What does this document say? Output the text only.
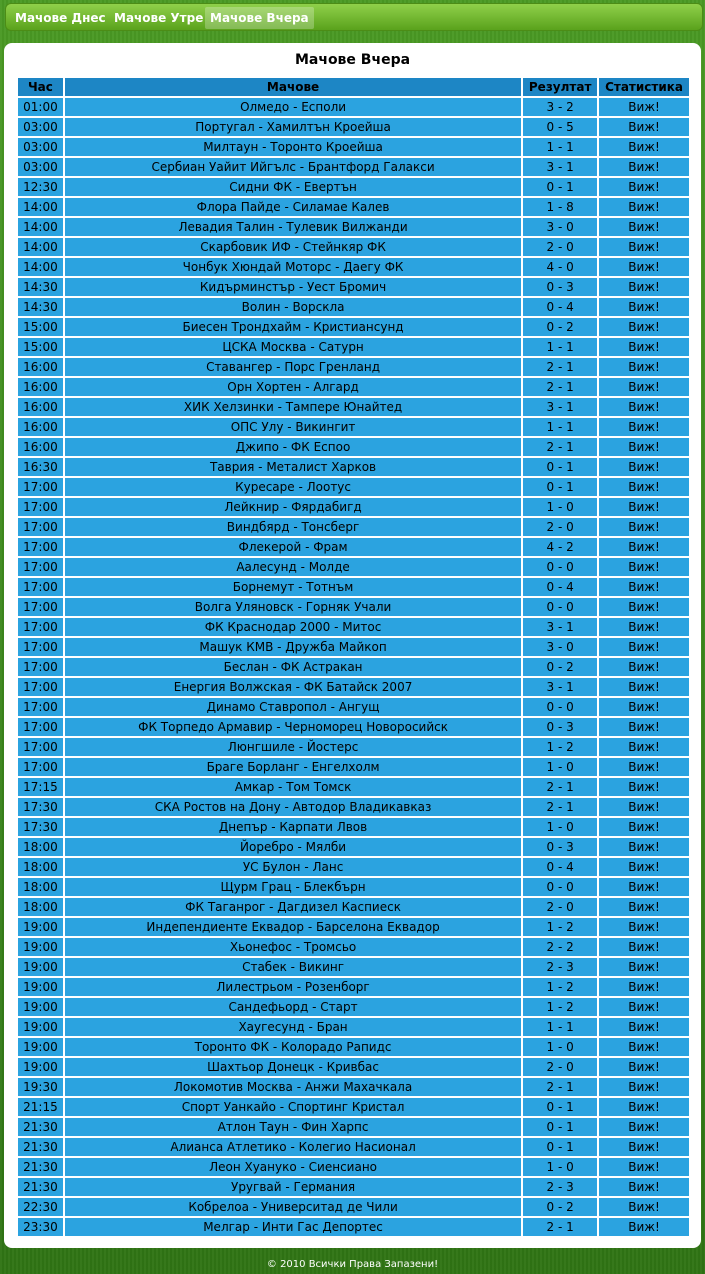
Мачове Днес Мачове Утре Мачове Вчера
Мачове Вчера
Час	Мачове	Резултат	Статистика
01:00	Олмедо - Есполи	3 - 2	Виж!
03:00	Португал - Хамилтън Кроейша	0 - 5	Виж!
03:00	Милтаун - Торонто Кроейша	1 - 1	Виж!
03:00	Сербиан Уайит Ийгълс - Брантфорд Галакси	3 - 1	Виж!
12:30	Сидни ФК - Евертън	0 - 1	Виж!
14:00	Флора Пайде - Силамае Калев	1 - 8	Виж!
14:00	Левадия Талин - Тулевик Вилжанди	3 - 0	Виж!
14:00	Скарбовик ИФ - Стейнкяр ФК	2 - 0	Виж!
14:00	Чонбук Хюндай Моторс - Даегу ФК	4 - 0	Виж!
14:30	Кидърминстър - Уест Бромич	0 - 3	Виж!
14:30	Волин - Ворскла	0 - 4	Виж!
15:00	Биесен Трондхайм - Кристиансунд	0 - 2	Виж!
15:00	ЦСКА Москва - Сатурн	1 - 1	Виж!
16:00	Ставангер - Порс Гренланд	2 - 1	Виж!
16:00	Орн Хортен - Алгард	2 - 1	Виж!
16:00	ХИК Хелзинки - Тампере Юнайтед	3 - 1	Виж!
16:00	ОПС Улу - Викингит	1 - 1	Виж!
16:00	Джипо - ФК Еспоо	2 - 1	Виж!
16:30	Таврия - Металист Харков	0 - 1	Виж!
17:00	Куресаре - Лоотус	0 - 1	Виж!
17:00	Лейкнир - Фярдабигд	1 - 0	Виж!
17:00	Виндбярд - Тонсберг	2 - 0	Виж!
17:00	Флекерой - Фрам	4 - 2	Виж!
17:00	Аалесунд - Молде	0 - 0	Виж!
17:00	Борнемут - Тотнъм	0 - 4	Виж!
17:00	Волга Уляновск - Горняк Учали	0 - 0	Виж!
17:00	ФК Краснодар 2000 - Митос	3 - 1	Виж!
17:00	Машук КМВ - Дружба Майкоп	3 - 0	Виж!
17:00	Беслан - ФК Астракан	0 - 2	Виж!
17:00	Енергия Волжская - ФК Батайск 2007	3 - 1	Виж!
17:00	Динамо Ставропол - Ангущ	0 - 0	Виж!
17:00	ФК Торпедо Армавир - Черноморец Новоросийск	0 - 3	Виж!
17:00	Люнгшиле - Йостерс	1 - 2	Виж!
17:00	Браге Борланг - Енгелхолм	1 - 0	Виж!
17:15	Амкар - Том Томск	2 - 1	Виж!
17:30	СКА Ростов на Дону - Автодор Владикавказ	2 - 1	Виж!
17:30	Днепър - Карпати Лвов	1 - 0	Виж!
18:00	Йоребро - Мялби	0 - 3	Виж!
18:00	УС Булон - Ланс	0 - 4	Виж!
18:00	Щурм Грац - Блекбърн	0 - 0	Виж!
18:00	ФК Таганрог - Дагдизел Каспиеск	2 - 0	Виж!
19:00	Индепендиенте Еквадор - Барселона Еквадор	1 - 2	Виж!
19:00	Хьонефос - Тромсьо	2 - 2	Виж!
19:00	Стабек - Викинг	2 - 3	Виж!
19:00	Лилестрьом - Розенборг	1 - 2	Виж!
19:00	Сандефьорд - Старт	1 - 2	Виж!
19:00	Хаугесунд - Бран	1 - 1	Виж!
19:00	Торонто ФК - Колорадо Рапидс	1 - 0	Виж!
19:00	Шахтьор Донецк - Кривбас	2 - 0	Виж!
19:30	Локомотив Москва - Анжи Махачкала	2 - 1	Виж!
21:15	Спорт Уанкайо - Спортинг Кристал	0 - 1	Виж!
21:30	Атлон Таун - Фин Харпс	0 - 1	Виж!
21:30	Алианса Атлетико - Колегио Насионал	0 - 1	Виж!
21:30	Леон Хуануко - Сиенсиано	1 - 0	Виж!
21:30	Уругвай - Германия	2 - 3	Виж!
22:30	Кобрелоа - Университад де Чили	0 - 2	Виж!
23:30	Мелгар - Инти Гас Депортес	2 - 1	Виж!
© 2010 Всички Права Запазени!
